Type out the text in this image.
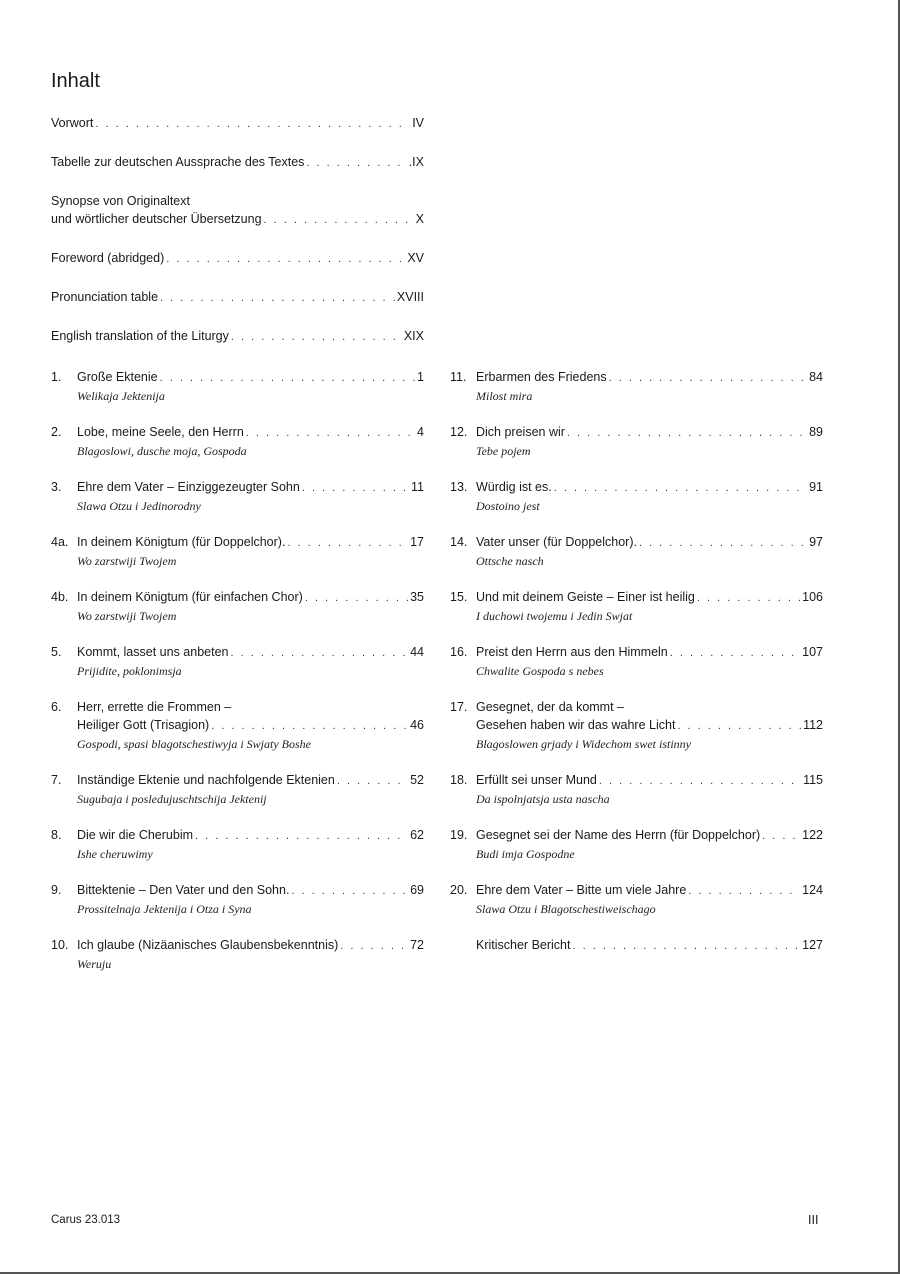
Inhalt
Vorwort . . .	IV
Tabelle zur deutschen Aussprache des Textes . . .	.IX
Synopse von Originaltext
und wörtlicher deutscher Übersetzung . . .	X
Foreword (abridged) . . .	XV
Pronunciation table . . .	XVIII
English translation of the Liturgy . . .	XIX
1.	Große Ektenie . . .	1
Welikaja Jektenija
2.	Lobe, meine Seele, den Herrn . . .	4
Blagoslowi, dusche moja, Gospoda
3.	Ehre dem Vater – Einziggezeugter Sohn . . .	11
Slawa Otzu i Jedinorodny
4a. In deinem Königtum (für Doppelchor). . . .	17
Wo zarstwiji Twojem
4b. In deinem Königtum (für einfachen Chor) . . .	35
Wo zarstwiji Twojem
5.	Kommt, lasset uns anbeten . . .	44
Prijidite, poklonimsja
6.	Herr, errette die Frommen –
Heiliger Gott (Trisagion) . . .	46
Gospodi, spasi blagotschestiwyja i Swjaty Boshe
7.	Inständige Ektenie und nachfolgende Ektenien . . .	52
Sugubaja i posledujuschtschija Jektenij
8.	Die wir die Cherubim . . .	62
Ishe cheruwimy
9.	Bittektenie – Den Vater und den Sohn. . . .	69
Prossitelnaja Jektenija i Otza i Syna
10. Ich glaube (Nizäanisches Glaubensbekenntnis) . . .	72
Weruju
11. Erbarmen des Friedens . . .	84
Milost mira
12. Dich preisen wir . . .	89
Tebe pojem
13. Würdig ist es. . . .	91
Dostoino jest
14. Vater unser (für Doppelchor). . . .	97
Ottsche nasch
15. Und mit deinem Geiste – Einer ist heilig . . .	106
I duchowi twojemu i Jedin Swjat
16. Preist den Herrn aus den Himmeln . . .	107
Chwalite Gospoda s nebes
17. Gesegnet, der da kommt –
Gesehen haben wir das wahre Licht . . .	112
Blagoslowen grjady i Widechom swet istinny
18. Erfüllt sei unser Mund . . .	115
Da ispolnjatsja usta nascha
19. Gesegnet sei der Name des Herrn (für Doppelchor) . . .	122
Budi imja Gospodne
20. Ehre dem Vater – Bitte um viele Jahre . . .	124
Slawa Otzu i Blagotschestiweischago
Kritischer Bericht . . .	127
Carus 23.013	III
